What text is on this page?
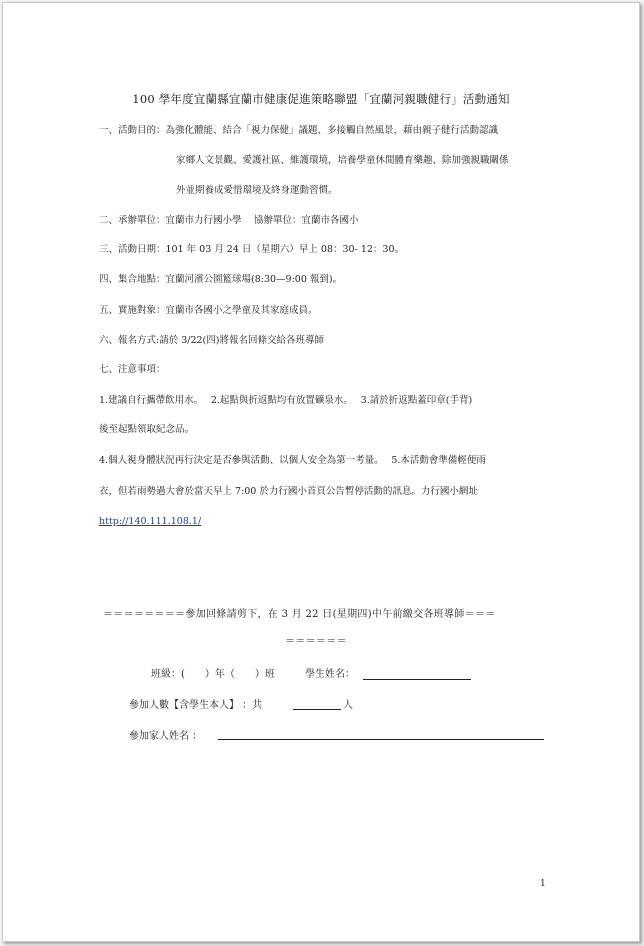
100 學年度宜蘭縣宜蘭市健康促進策略聯盟「宜蘭河親職健行」活動通知
一、活動目的：為強化體能、結合「視力保健」議題、多接觸自然風景，藉由親子健行活動認識
家鄉人文景觀、愛護社區、維護環境，培養學童休閒體育樂趣、除加強親職關係
外並期養成愛惜環境及終身運動習慣。
二、承辦單位：宜蘭市力行國小學　 協辦單位：宜蘭市各國小
三、活動日期：101 年 03 月 24 日（星期六）早上 08：30- 12：30。
四、集合地點：宜蘭河濱公園籃球場(8:30—9:00 報到)。
五、實施對象：宜蘭市各國小之學童及其家庭成員。
六、報名方式:請於 3/22(四)將報名回條交給各班導師
七、注意事項：
1.建議自行攜帶飲用水。　 2.起點與折返點均有放置礦泉水。　 3.請於折返點蓋印章(手背)
後至起點領取紀念品。
4.個人視身體狀況再行決定是否參與活動、以個人安全為第一考量。　 5.本活動會準備輕便雨
衣，但若雨勢過大會於當天早上 7:00 於力行國小首頁公告暫停活動的訊息。力行國小網址
http://140.111.108.1/
＝＝＝＝＝＝＝＝參加回條請剪下，在 3 月 22 日(星期四)中午前繳交各班導師＝＝＝
＝＝＝＝＝＝
班級：(　　）年（　　）班	學生姓名：
參加人數【含學生本人】 ：共	人
參加家人姓名 ：
1
